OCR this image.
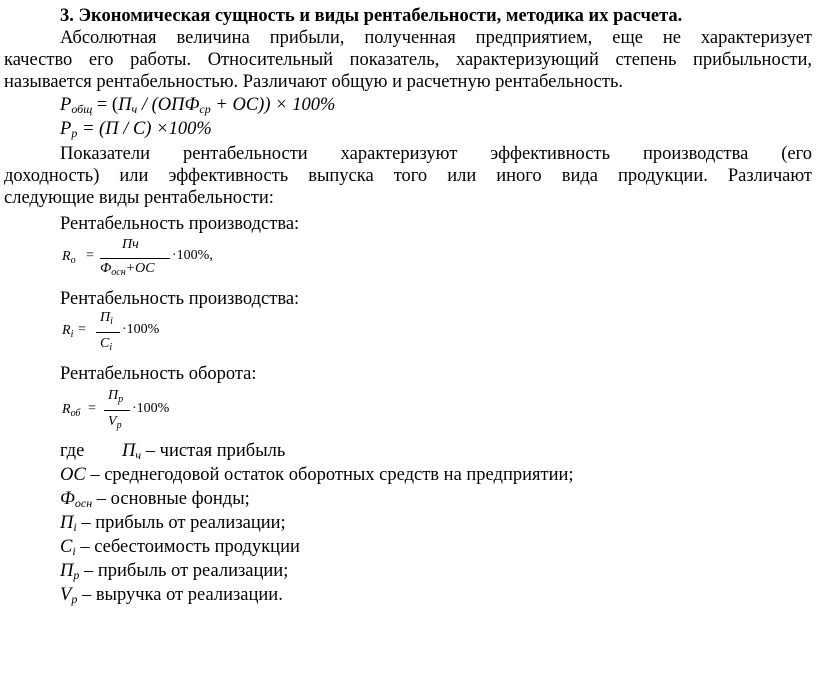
3. Экономическая сущность и виды рентабельности, методика их расчета.
Абсолютная величина прибыли, полученная предприятием, еще не характеризует
качество его работы. Относительный показатель, характеризующий степень прибыльности,
называется рентабельностью. Различают общую и расчетную рентабельность.
$P_{общ} = (П_ч / (ОПФ_{ср} + ОС)) \times 100\%$
$P_р = (П / С) \times 100\%$
Показатели рентабельности характеризуют эффективность производства (его
доходность) или эффективность выпуска того или иного вида продукции. Различают
следующие виды рентабельности:
Рентабельность производства:
$R_о$ =
Пч
$Ф_{осн}+ОС$
·100%,
Рентабельность производства:
$R_i$ =
$П_i$
$С_i$
·100%
Рентабельность оборота:
$R_{об}$ =
$П_р$
$V_р$
·100%
где      $П_ч$ – чистая прибыль
ОС – среднегодовой остаток оборотных средств на предприятии;
$Ф_{осн}$ – основные фонды;
$П_i$ – прибыль от реализации;
$С_i$ – себестоимость продукции
$П_р$ – прибыль от реализации;
$V_р$ – выручка от реализации.
